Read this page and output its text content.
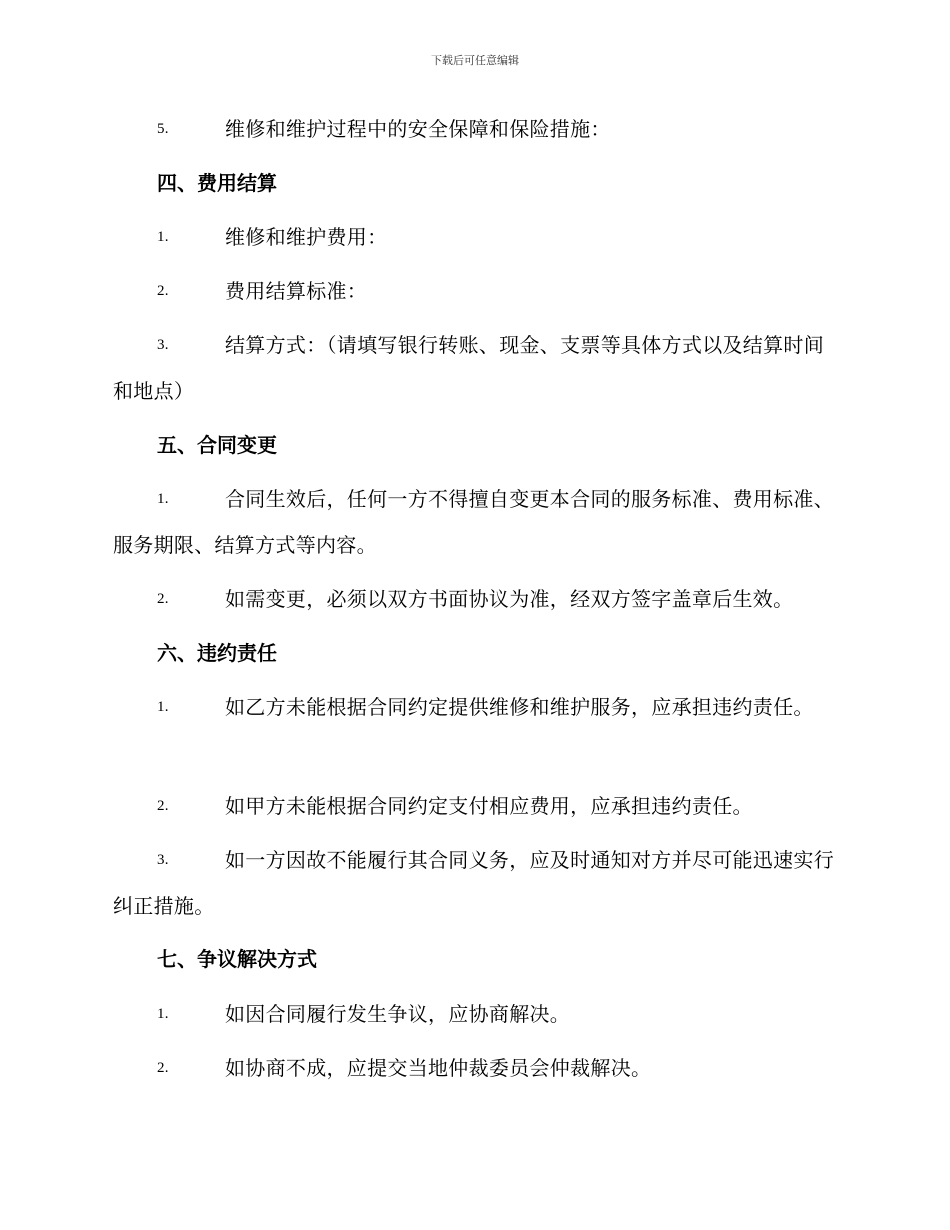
下载后可任意编辑
5.	维修和维护过程中的安全保障和保险措施：
四、费用结算
1.	维修和维护费用：
2.	费用结算标准：
3.	结算方式：（请填写银行转账、现金、支票等具体方式以及结算时间和地点）
五、合同变更
1.	合同生效后，任何一方不得擅自变更本合同的服务标准、费用标准、服务期限、结算方式等内容。
2.	如需变更，必须以双方书面协议为准，经双方签字盖章后生效。
六、违约责任
1.	如乙方未能根据合同约定提供维修和维护服务，应承担违约责任。
2.	如甲方未能根据合同约定支付相应费用，应承担违约责任。
3.	如一方因故不能履行其合同义务，应及时通知对方并尽可能迅速实行纠正措施。
七、争议解决方式
1.	如因合同履行发生争议，应协商解决。
2.	如协商不成，应提交当地仲裁委员会仲裁解决。
